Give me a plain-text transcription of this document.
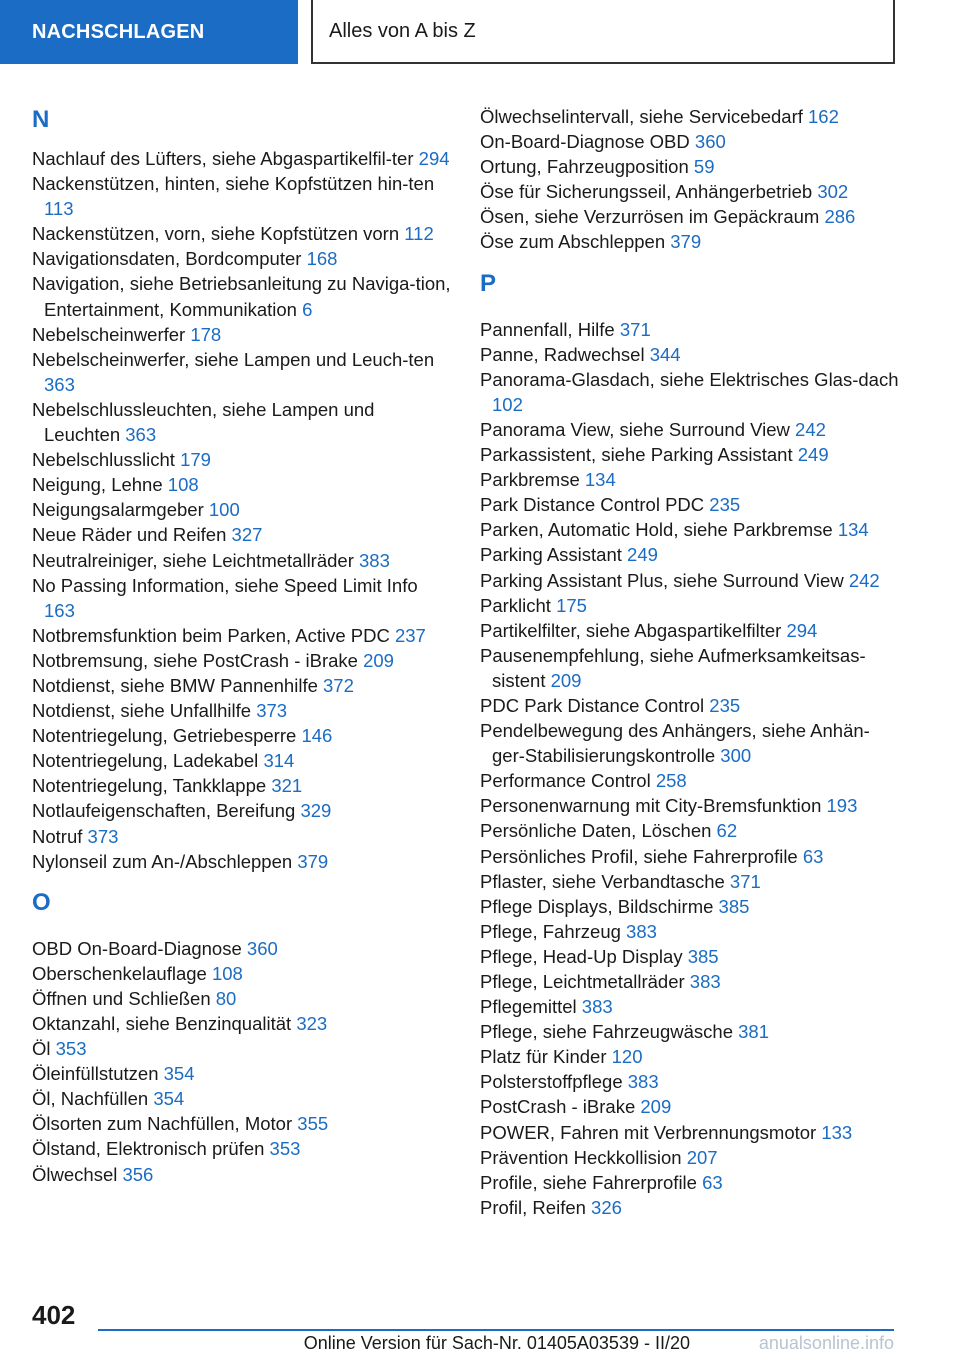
NACHSCHLAGEN	Alles von A bis Z
N
Nachlauf des Lüfters, siehe Abgaspartikelfil-ter 294
Nackenstützen, hinten, siehe Kopfstützen hin-ten 113
Nackenstützen, vorn, siehe Kopfstützen vorn 112
Navigationsdaten, Bordcomputer 168
Navigation, siehe Betriebsanleitung zu Naviga-tion, Entertainment, Kommunikation 6
Nebelscheinwerfer 178
Nebelscheinwerfer, siehe Lampen und Leuch-ten 363
Nebelschlussleuchten, siehe Lampen und Leuchten 363
Nebelschlusslicht 179
Neigung, Lehne 108
Neigungsalarmgeber 100
Neue Räder und Reifen 327
Neutralreiniger, siehe Leichtmetallräder 383
No Passing Information, siehe Speed Limit Info 163
Notbremsfunktion beim Parken, Active PDC 237
Notbremsung, siehe PostCrash - iBrake 209
Notdienst, siehe BMW Pannenhilfe 372
Notdienst, siehe Unfallhilfe 373
Notentriegelung, Getriebesperre 146
Notentriegelung, Ladekabel 314
Notentriegelung, Tankklappe 321
Notlaufeigenschaften, Bereifung 329
Notruf 373
Nylonseil zum An-/Abschleppen 379
O
OBD On-Board-Diagnose 360
Oberschenkelauflage 108
Öffnen und Schließen 80
Oktanzahl, siehe Benzinqualität 323
Öl 353
Öleinfüllstutzen 354
Öl, Nachfüllen 354
Ölsorten zum Nachfüllen, Motor 355
Ölstand, Elektronisch prüfen 353
Ölwechsel 356
Ölwechselintervall, siehe Servicebedarf 162
On-Board-Diagnose OBD 360
Ortung, Fahrzeugposition 59
Öse für Sicherungsseil, Anhängerbetrieb 302
Ösen, siehe Verzurrösen im Gepäckraum 286
Öse zum Abschleppen 379
P
Pannenfall, Hilfe 371
Panne, Radwechsel 344
Panorama-Glasdach, siehe Elektrisches Glas-dach 102
Panorama View, siehe Surround View 242
Parkassistent, siehe Parking Assistant 249
Parkbremse 134
Park Distance Control PDC 235
Parken, Automatic Hold, siehe Parkbremse 134
Parking Assistant 249
Parking Assistant Plus, siehe Surround View 242
Parklicht 175
Partikelfilter, siehe Abgaspartikelfilter 294
Pausenempfehlung, siehe Aufmerksamkeitsas-sistent 209
PDC Park Distance Control 235
Pendelbewegung des Anhängers, siehe Anhän-ger-Stabilisierungskontrolle 300
Performance Control 258
Personenwarnung mit City-Bremsfunktion 193
Persönliche Daten, Löschen 62
Persönliches Profil, siehe Fahrerprofile 63
Pflaster, siehe Verbandtasche 371
Pflege Displays, Bildschirme 385
Pflege, Fahrzeug 383
Pflege, Head-Up Display 385
Pflege, Leichtmetallräder 383
Pflegemittel 383
Pflege, siehe Fahrzeugwäsche 381
Platz für Kinder 120
Polsterstoffpflege 383
PostCrash - iBrake 209
POWER, Fahren mit Verbrennungsmotor 133
Prävention Heckkollision 207
Profile, siehe Fahrerprofile 63
Profil, Reifen 326
402
Online Version für Sach-Nr. 01405A03539 - II/20	anualsonline.info
